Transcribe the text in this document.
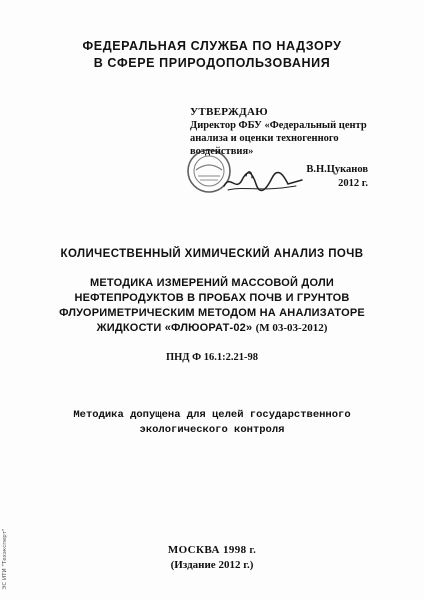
ФЕДЕРАЛЬНАЯ СЛУЖБА ПО НАДЗОРУ
В СФЕРЕ ПРИРОДОПОЛЬЗОВАНИЯ
УТВЕРЖДАЮ
Директор ФБУ «Федеральный центр
анализа и оценки техногенного
воздействия»
В.Н.Цуканов
2012 г.
КОЛИЧЕСТВЕННЫЙ ХИМИЧЕСКИЙ АНАЛИЗ ПОЧВ
МЕТОДИКА ИЗМЕРЕНИЙ МАССОВОЙ ДОЛИ
НЕФТЕПРОДУКТОВ В ПРОБАХ ПОЧВ И ГРУНТОВ
ФЛУОРИМЕТРИЧЕСКИМ МЕТОДОМ НА АНАЛИЗАТОРЕ
ЖИДКОСТИ «ФЛЮОРАТ-02» (М 03-03-2012)
ПНД Ф 16.1:2.21-98
Методика допущена для целей государственного
экологического контроля
МОСКВА 1998 г.
(Издание 2012 г.)
ЭС ИТИ "Техэксперт"
